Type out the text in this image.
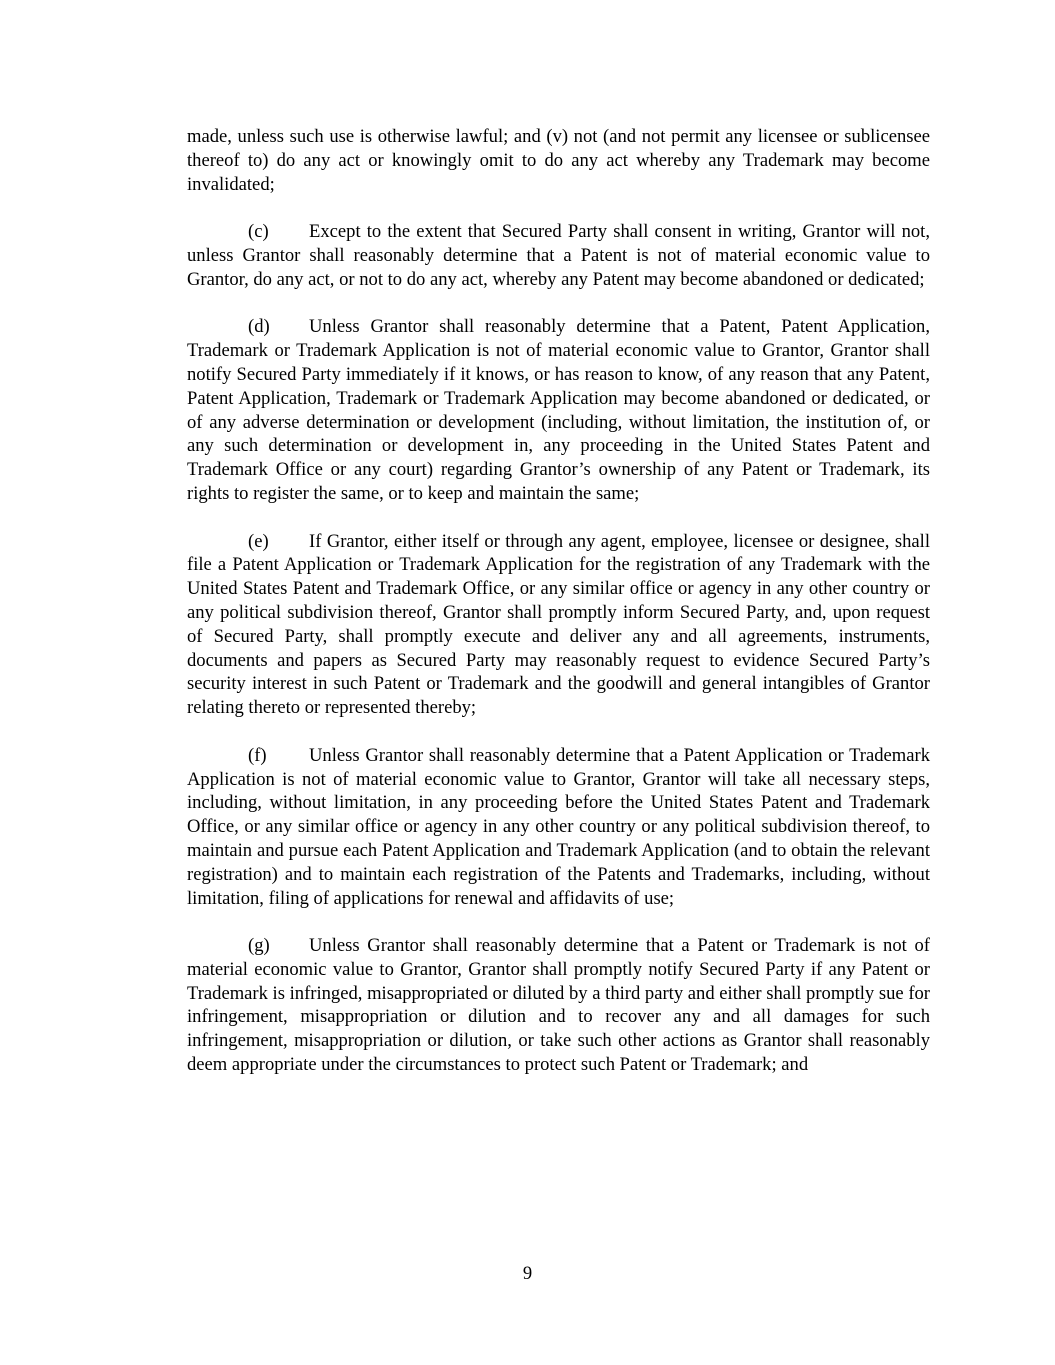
made, unless such use is otherwise lawful; and (v) not (and not permit any licensee or sublicensee thereof to) do any act or knowingly omit to do any act whereby any Trademark may become invalidated;

(c) Except to the extent that Secured Party shall consent in writing, Grantor will not, unless Grantor shall reasonably determine that a Patent is not of material economic value to Grantor, do any act, or not to do any act, whereby any Patent may become abandoned or dedicated;

(d) Unless Grantor shall reasonably determine that a Patent, Patent Application, Trademark or Trademark Application is not of material economic value to Grantor, Grantor shall notify Secured Party immediately if it knows, or has reason to know, of any reason that any Patent, Patent Application, Trademark or Trademark Application may become abandoned or dedicated, or of any adverse determination or development (including, without limitation, the institution of, or any such determination or development in, any proceeding in the United States Patent and Trademark Office or any court) regarding Grantor’s ownership of any Patent or Trademark, its rights to register the same, or to keep and maintain the same;

(e) If Grantor, either itself or through any agent, employee, licensee or designee, shall file a Patent Application or Trademark Application for the registration of any Trademark with the United States Patent and Trademark Office, or any similar office or agency in any other country or any political subdivision thereof, Grantor shall promptly inform Secured Party, and, upon request of Secured Party, shall promptly execute and deliver any and all agreements, instruments, documents and papers as Secured Party may reasonably request to evidence Secured Party’s security interest in such Patent or Trademark and the goodwill and general intangibles of Grantor relating thereto or represented thereby;

(f) Unless Grantor shall reasonably determine that a Patent Application or Trademark Application is not of material economic value to Grantor, Grantor will take all necessary steps, including, without limitation, in any proceeding before the United States Patent and Trademark Office, or any similar office or agency in any other country or any political subdivision thereof, to maintain and pursue each Patent Application and Trademark Application (and to obtain the relevant registration) and to maintain each registration of the Patents and Trademarks, including, without limitation, filing of applications for renewal and affidavits of use;

(g) Unless Grantor shall reasonably determine that a Patent or Trademark is not of material economic value to Grantor, Grantor shall promptly notify Secured Party if any Patent or Trademark is infringed, misappropriated or diluted by a third party and either shall promptly sue for infringement, misappropriation or dilution and to recover any and all damages for such infringement, misappropriation or dilution, or take such other actions as Grantor shall reasonably deem appropriate under the circumstances to protect such Patent or Trademark; and

9
